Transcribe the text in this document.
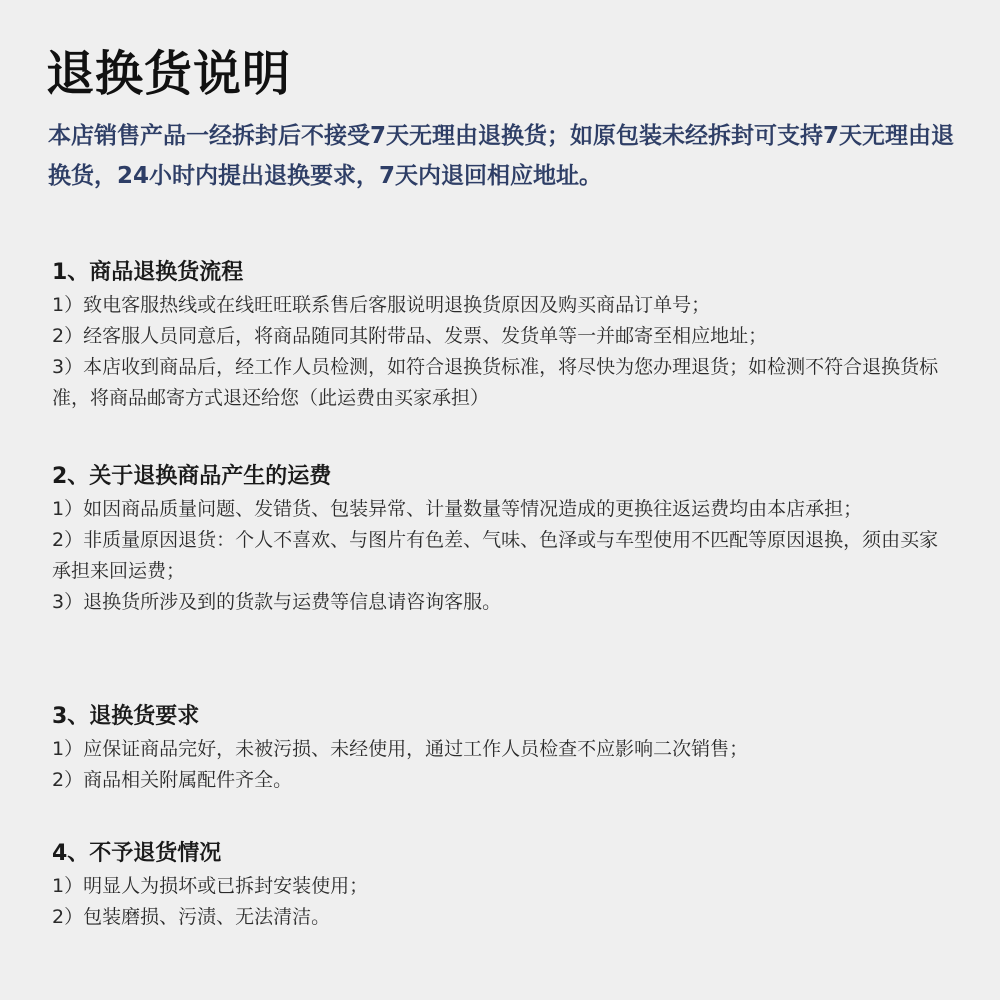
退换货说明
本店销售产品一经拆封后不接受7天无理由退换货；如原包装未经拆封可支持7天无理由退换货，24小时内提出退换要求，7天内退回相应地址。
1、商品退换货流程
1）致电客服热线或在线旺旺联系售后客服说明退换货原因及购买商品订单号；
2）经客服人员同意后，将商品随同其附带品、发票、发货单等一并邮寄至相应地址；
3）本店收到商品后，经工作人员检测，如符合退换货标准，将尽快为您办理退货；如检测不符合退换货标准，将商品邮寄方式退还给您（此运费由买家承担）
2、关于退换商品产生的运费
1）如因商品质量问题、发错货、包装异常、计量数量等情况造成的更换往返运费均由本店承担；
2）非质量原因退货：个人不喜欢、与图片有色差、气味、色泽或与车型使用不匹配等原因退换，须由买家承担来回运费；
3）退换货所涉及到的货款与运费等信息请咨询客服。
3、退换货要求
1）应保证商品完好，未被污损、未经使用，通过工作人员检查不应影响二次销售；
2）商品相关附属配件齐全。
4、不予退货情况
1）明显人为损坏或已拆封安装使用；
2）包装磨损、污渍、无法清洁。
